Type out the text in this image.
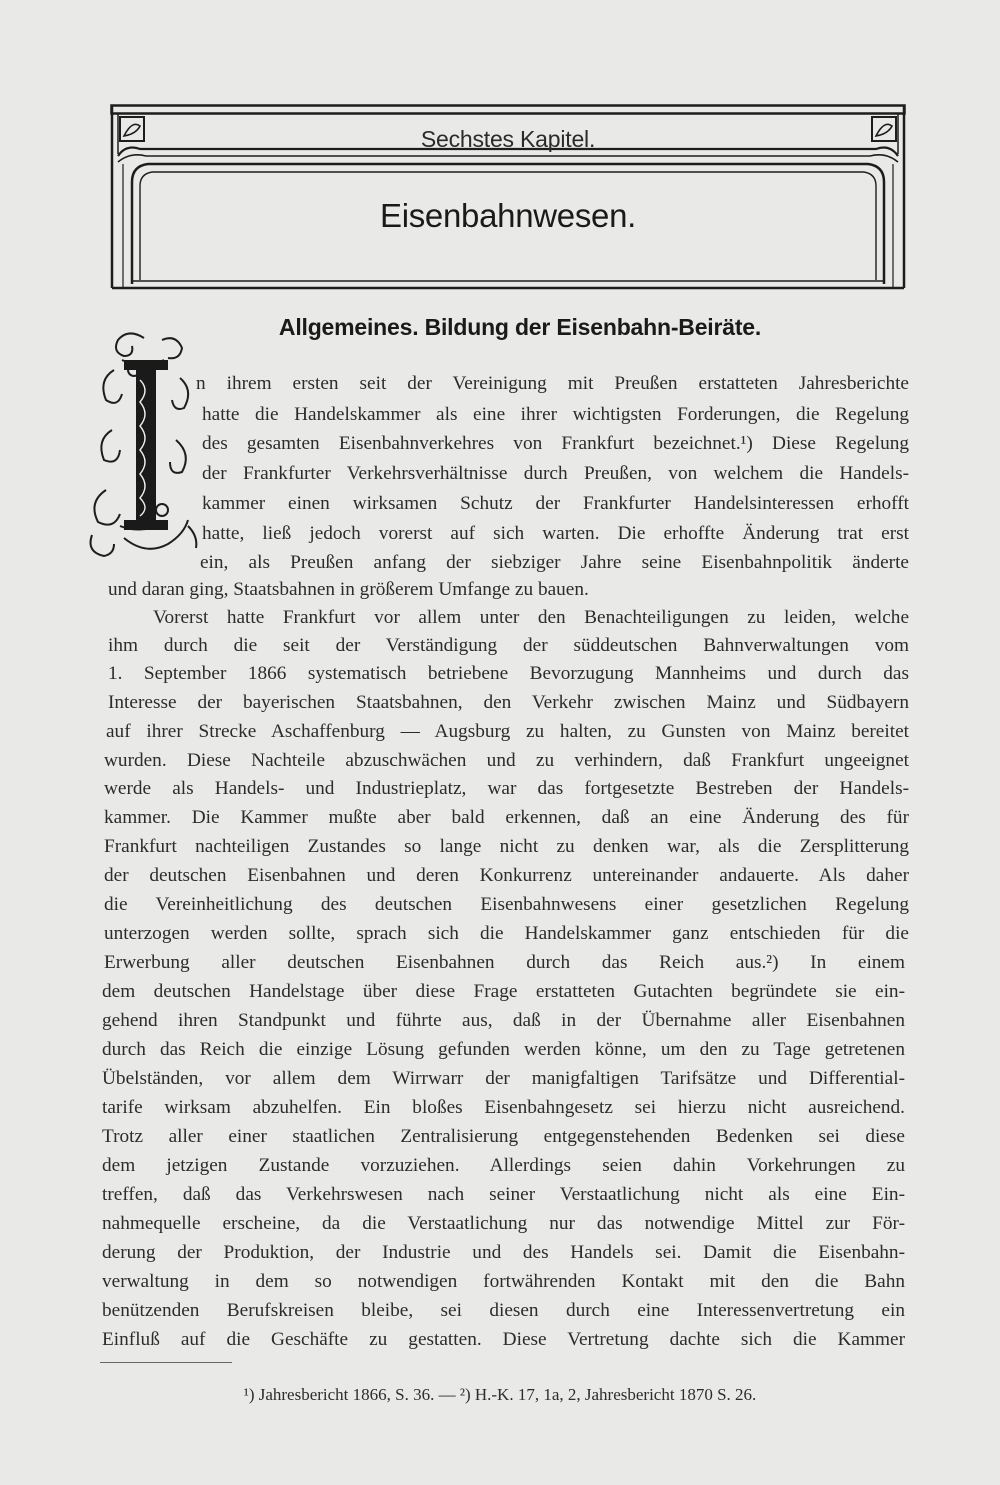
Sechstes Kapitel.
Eisenbahnwesen.
Allgemeines. Bildung der Eisenbahn-Beiräte.

n ihrem ersten seit der Vereinigung mit Preußen erstatteten Jahresberichte

hatte die Handelskammer als eine ihrer wichtigsten Forderungen, die Regelung

des gesamten Eisenbahnverkehres von Frankfurt bezeichnet.¹) Diese Regelung

der Frankfurter Verkehrsverhältnisse durch Preußen, von welchem die Handels-

kammer einen wirksamen Schutz der Frankfurter Handelsinteressen erhofft

hatte, ließ jedoch vorerst auf sich warten. Die erhoffte Änderung trat erst

ein, als Preußen anfang der siebziger Jahre seine Eisenbahnpolitik änderte

und daran ging, Staatsbahnen in größerem Umfange zu bauen.

Vorerst hatte Frankfurt vor allem unter den Benachteiligungen zu leiden, welche

ihm durch die seit der Verständigung der süddeutschen Bahnverwaltungen vom

1. September 1866 systematisch betriebene Bevorzugung Mannheims und durch das

Interesse der bayerischen Staatsbahnen, den Verkehr zwischen Mainz und Südbayern

auf ihrer Strecke Aschaffenburg — Augsburg zu halten, zu Gunsten von Mainz bereitet

wurden. Diese Nachteile abzuschwächen und zu verhindern, daß Frankfurt ungeeignet

werde als Handels- und Industrieplatz, war das fortgesetzte Bestreben der Handels-

kammer. Die Kammer mußte aber bald erkennen, daß an eine Änderung des für

Frankfurt nachteiligen Zustandes so lange nicht zu denken war, als die Zersplitterung

der deutschen Eisenbahnen und deren Konkurrenz untereinander andauerte. Als daher

die Vereinheitlichung des deutschen Eisenbahnwesens einer gesetzlichen Regelung

unterzogen werden sollte, sprach sich die Handelskammer ganz entschieden für die

Erwerbung aller deutschen Eisenbahnen durch das Reich aus.²) In einem

dem deutschen Handelstage über diese Frage erstatteten Gutachten begründete sie ein-

gehend ihren Standpunkt und führte aus, daß in der Übernahme aller Eisenbahnen

durch das Reich die einzige Lösung gefunden werden könne, um den zu Tage getretenen

Übelständen, vor allem dem Wirrwarr der manigfaltigen Tarifsätze und Differential-

tarife wirksam abzuhelfen. Ein bloßes Eisenbahngesetz sei hierzu nicht ausreichend.

Trotz aller einer staatlichen Zentralisierung entgegenstehenden Bedenken sei diese

dem jetzigen Zustande vorzuziehen. Allerdings seien dahin Vorkehrungen zu

treffen, daß das Verkehrswesen nach seiner Verstaatlichung nicht als eine Ein-

nahmequelle erscheine, da die Verstaatlichung nur das notwendige Mittel zur För-

derung der Produktion, der Industrie und des Handels sei. Damit die Eisenbahn-

verwaltung in dem so notwendigen fortwährenden Kontakt mit den die Bahn

benützenden Berufskreisen bleibe, sei diesen durch eine Interessenvertretung ein

Einfluß auf die Geschäfte zu gestatten. Diese Vertretung dachte sich die Kammer

¹) Jahresbericht 1866, S. 36. — ²) H.-K. 17, 1a, 2, Jahresbericht 1870 S. 26.
